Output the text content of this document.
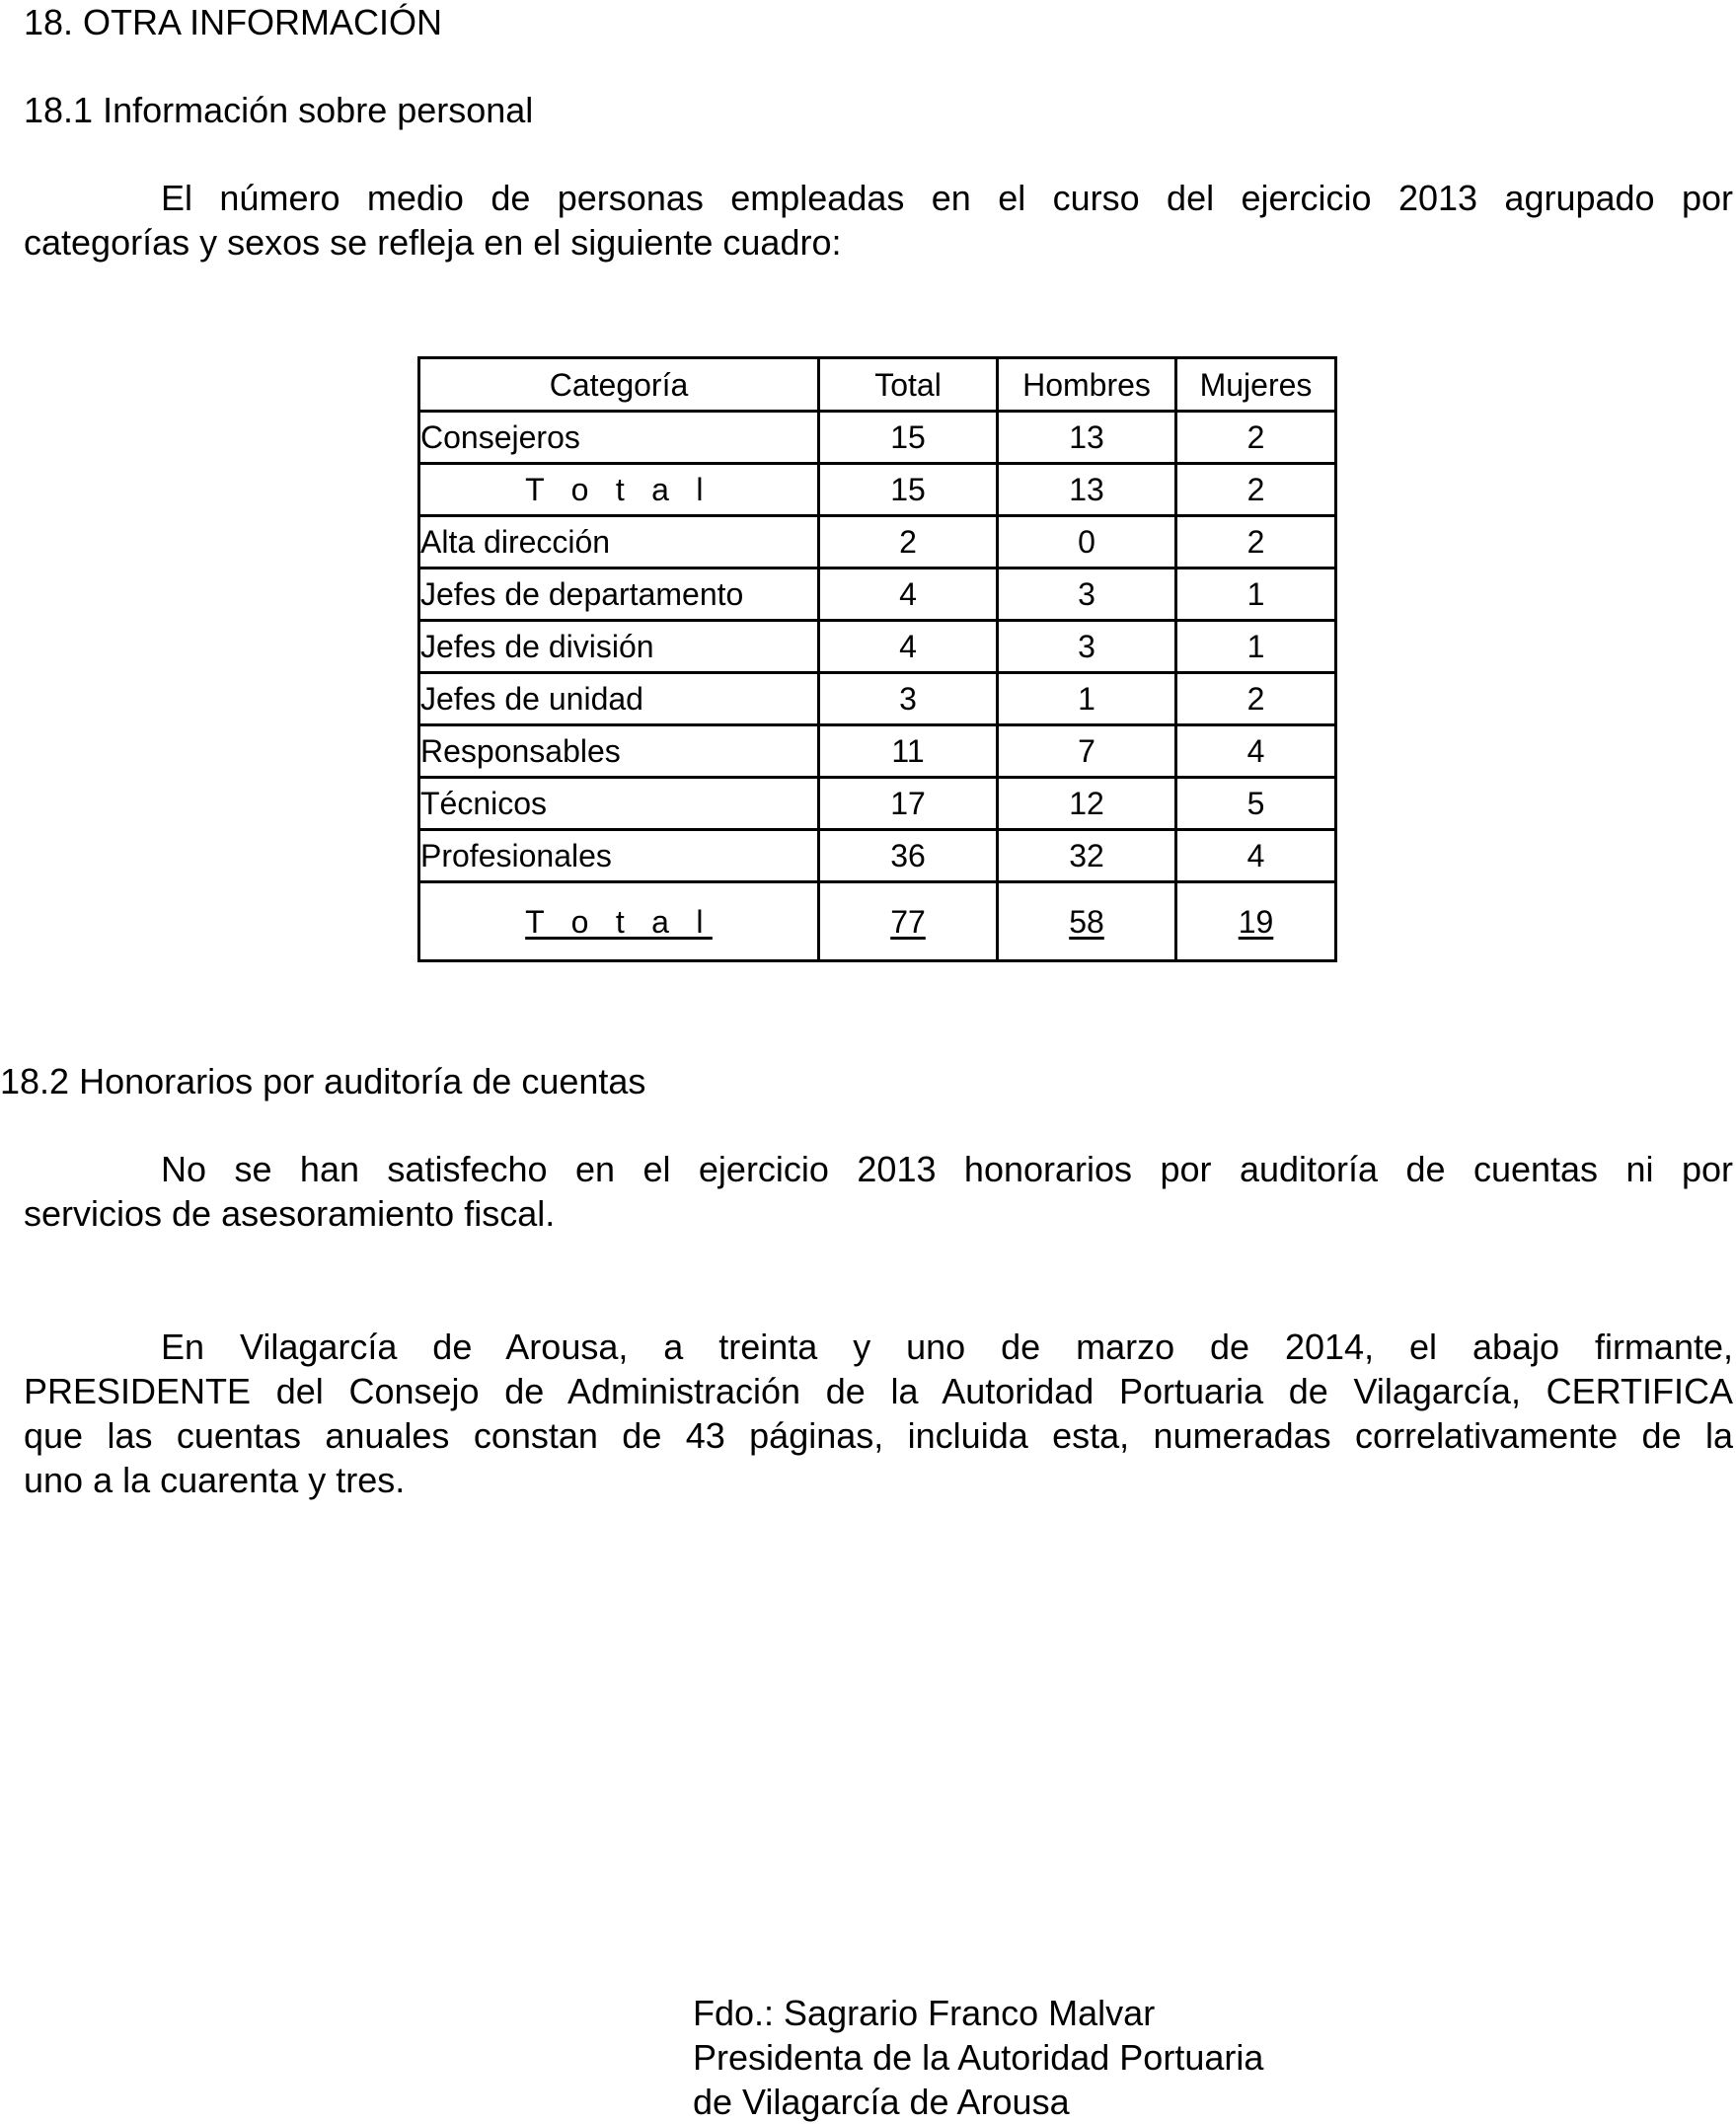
18. OTRA INFORMACIÓN
18.1 Información sobre personal

El número medio de personas empleadas en el curso del ejercicio 2013 agrupado por
categorías y sexos se refleja en el siguiente cuadro:

Categoría	Total	Hombres	Mujeres
Consejeros	15	13	2
T o t a l	15	13	2
Alta dirección	2	0	2
Jefes de departamento	4	3	1
Jefes de división	4	3	1
Jefes de unidad	3	1	2
Responsables	11	7	4
Técnicos	17	12	5
Profesionales	36	32	4
T o t a l	77	58	19
18.2 Honorarios por auditoría de cuentas

No se han satisfecho en el ejercicio 2013 honorarios por auditoría de cuentas ni por
servicios de asesoramiento fiscal.

En Vilagarcía de Arousa, a treinta y uno de marzo de 2014, el abajo firmante,
PRESIDENTE del Consejo de Administración de la Autoridad Portuaria de Vilagarcía, CERTIFICA
que las cuentas anuales constan de 43 páginas, incluida esta, numeradas correlativamente de la
uno a la cuarenta y tres.

Fdo.: Sagrario Franco Malvar
Presidenta de la Autoridad Portuaria
de Vilagarcía de Arousa
